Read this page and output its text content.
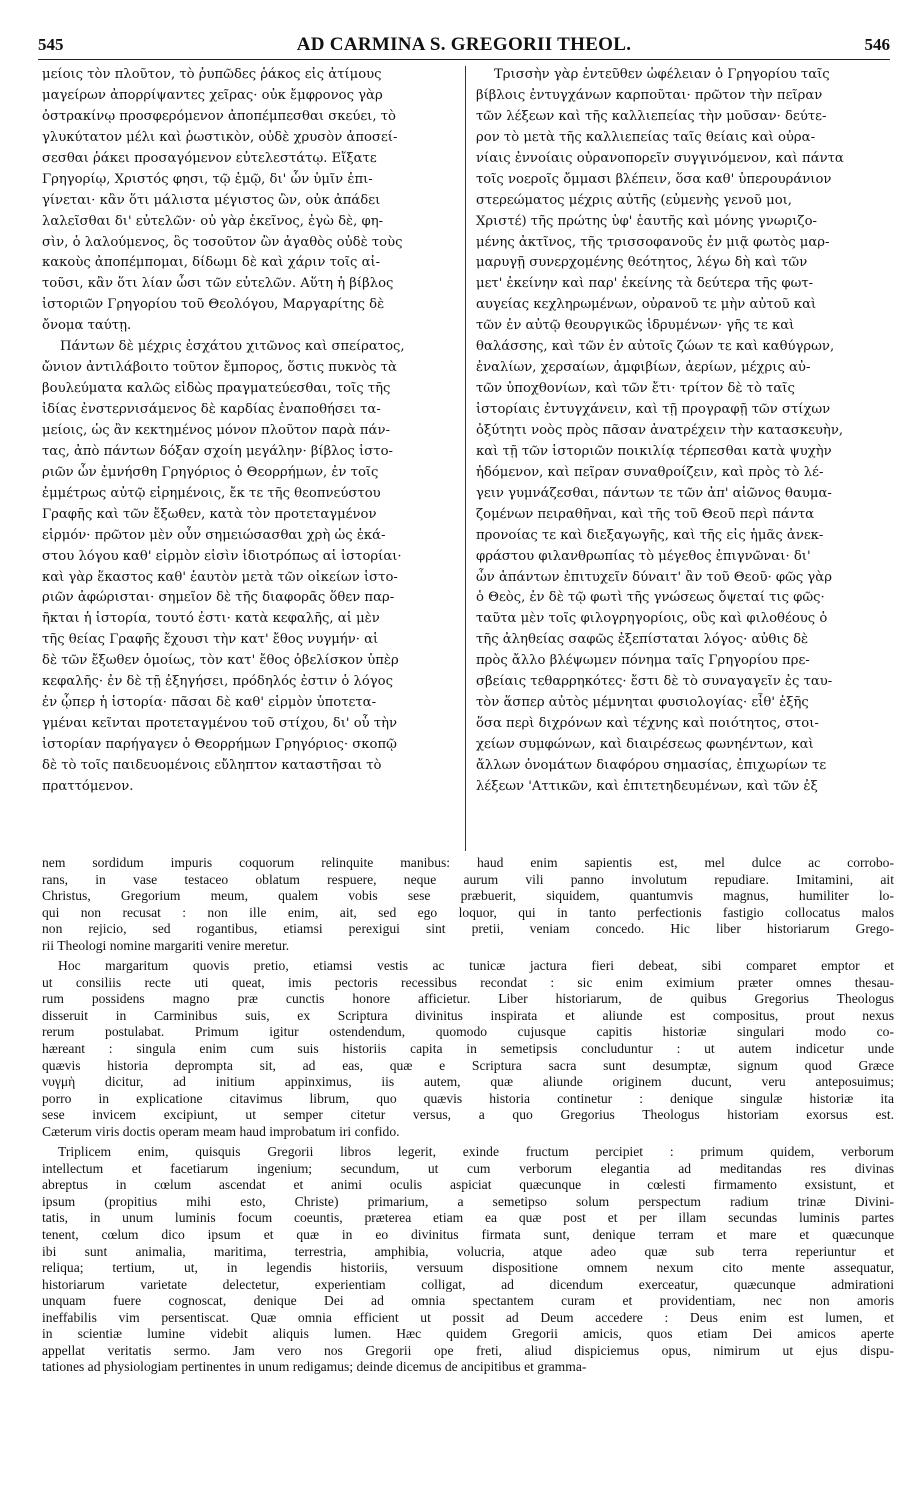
545	AD CARMINA S. GREGORII THEOL.	546
μείοις τὸν πλοῦτον, τὸ ῥυπῶδες ῥάκος εἰς ἀτίμους
μαγείρων ἀπορρίψαντες χεῖρας· οὐκ ἔμφρονος γὰρ
ὀστρακίνῳ προσφερόμενον ἀποπέμπεσθαι σκεύει, τὸ
γλυκύτατον μέλι καὶ ῥωστικὸν, οὐδὲ χρυσὸν ἀποσεί-
σεσθαι ῥάκει προσαγόμενον εὐτελεστάτῳ. Εἴξατε
Γρηγορίῳ, Χριστός φησι, τῷ ἐμῷ, δι' ὧν ὑμῖν ἐπι-
γίνεται· κἂν ὅτι μάλιστα μέγιστος ὢν, οὐκ ἀπάδει
λαλεῖσθαι δι' εὐτελῶν· οὐ γὰρ ἐκεῖνος, ἐγὼ δὲ, φη-
σὶν, ὁ λαλούμενος, ὃς τοσοῦτον ὢν ἀγαθὸς οὐδὲ τοὺς
κακοὺς ἀποπέμπομαι, δίδωμι δὲ καὶ χάριν τοῖς αἰ-
τοῦσι, κἂν ὅτι λίαν ὦσι τῶν εὐτελῶν. Αὕτη ἡ βίβλος
ἱστοριῶν Γρηγορίου τοῦ Θεολόγου, Μαργαρίτης δὲ
ὄνομα ταύτῃ.
Πάντων δὲ μέχρις ἐσχάτου χιτῶνος καὶ σπείρατος,
ὤνιον ἀντιλάβοιτο τοῦτον ἔμπορος, ὅστις πυκνὸς τὰ
βουλεύματα καλῶς εἰδὼς πραγματεύεσθαι, τοῖς τῆς
ἰδίας ἐνστερνισάμενος δὲ καρδίας ἐναποθήσει τα-
μείοις, ὡς ἂν κεκτημένος μόνον πλοῦτον παρὰ πάν-
τας, ἀπὸ πάντων δόξαν σχοίη μεγάλην· βίβλος ἱστο-
ριῶν ὧν ἐμνήσθη Γρηγόριος ὁ Θεορρήμων, ἐν τοῖς
ἐμμέτρως αὐτῷ εἰρημένοις, ἔκ τε τῆς θεοπνεύστου
Γραφῆς καὶ τῶν ἔξωθεν, κατὰ τὸν προτεταγμένον
εἱρμόν· πρῶτον μὲν οὖν σημειώσασθαι χρὴ ὡς ἑκά-
στου λόγου καθ' εἱρμὸν εἰσὶν ἰδιοτρόπως αἱ ἱστορίαι·
καὶ γὰρ ἕκαστος καθ' ἑαυτὸν μετὰ τῶν οἰκείων ἱστο-
ριῶν ἀφώρισται· σημεῖον δὲ τῆς διαφορᾶς ὅθεν παρ-
ῆκται ἡ ἱστορία, τουτό ἐστι· κατὰ κεφαλῆς, αἱ μὲν
τῆς θείας Γραφῆς ἔχουσι τὴν κατ' ἔθος νυγμήν· αἱ
δὲ τῶν ἔξωθεν ὁμοίως, τὸν κατ' ἔθος ὀβελίσκον ὑπὲρ
κεφαλῆς· ἐν δὲ τῇ ἐξηγήσει, πρόδηλός ἐστιν ὁ λόγος
ἐν ᾧπερ ἡ ἱστορία· πᾶσαι δὲ καθ' εἱρμὸν ὑποτετα-
γμέναι κεῖνται προτεταγμένου τοῦ στίχου, δι' οὗ τὴν
ἱστορίαν παρήγαγεν ὁ Θεορρήμων Γρηγόριος· σκοπῷ
δὲ τὸ τοῖς παιδευομένοις εὔληπτον καταστῆσαι τὸ
πραττόμενον.
Τρισσὴν γὰρ ἐντεῦθεν ὠφέλειαν ὁ Γρηγορίου ταῖς
βίβλοις ἐντυγχάνων καρποῦται· πρῶτον τὴν πεῖραν
τῶν λέξεων καὶ τῆς καλλιεπείας τὴν μοῦσαν· δεύτε-
ρον τὸ μετὰ τῆς καλλιεπείας ταῖς θείαις καὶ οὐρα-
νίαις ἐννοίαις οὐρανοπορεῖν συγγινόμενον, καὶ πάντα
τοῖς νοεροῖς ὄμμασι βλέπειν, ὅσα καθ' ὑπερουράνιον
στερεώματος μέχρις αὐτῆς (εὐμενὴς γενοῦ μοι,
Χριστέ) τῆς πρώτης ὑφ' ἑαυτῆς καὶ μόνης γνωριζο-
μένης ἀκτῖνος, τῆς τρισσοφανοῦς ἐν μιᾷ φωτὸς μαρ-
μαρυγῇ συνερχομένης θεότητος, λέγω δὴ καὶ τῶν
μετ' ἐκείνην καὶ παρ' ἐκείνης τὰ δεύτερα τῆς φωτ-
αυγείας κεχληρωμένων, οὐρανοῦ τε μὴν αὐτοῦ καὶ
τῶν ἐν αὐτῷ θεουργικῶς ἱδρυμένων· γῆς τε καὶ
θαλάσσης, καὶ τῶν ἐν αὐτοῖς ζώων τε καὶ καθύγρων,
ἐναλίων, χερσαίων, ἀμφιβίων, ἀερίων, μέχρις αὐ-
τῶν ὑποχθονίων, καὶ τῶν ἔτι· τρίτον δὲ τὸ ταῖς
ἱστορίαις ἐντυγχάνειν, καὶ τῇ προγραφῇ τῶν στίχων
ὀξύτητι νοὸς πρὸς πᾶσαν ἀνατρέχειν τὴν κατασκευὴν,
καὶ τῇ τῶν ἱστοριῶν ποικιλίᾳ τέρπεσθαι κατὰ ψυχὴν
ἡδόμενον, καὶ πεῖραν συναθροίζειν, καὶ πρὸς τὸ λέ-
γειν γυμνάζεσθαι, πάντων τε τῶν ἀπ' αἰῶνος θαυμα-
ζομένων πειραθῆναι, καὶ τῆς τοῦ Θεοῦ περὶ πάντα
προνοίας τε καὶ διεξαγωγῆς, καὶ τῆς εἰς ἡμᾶς ἀνεκ-
φράστου φιλανθρωπίας τὸ μέγεθος ἐπιγνῶναι· δι'
ὧν ἁπάντων ἐπιτυχεῖν δύναιτ' ἂν τοῦ Θεοῦ· φῶς γὰρ
ὁ Θεὸς, ἐν δὲ τῷ φωτὶ τῆς γνώσεως ὄψεταί τις φῶς·
ταῦτα μὲν τοῖς φιλογρηγορίοις, οὓς καὶ φιλοθέους ὁ
τῆς ἀληθείας σαφῶς ἐξεπίσταται λόγος· αὐθις δὲ
πρὸς ἄλλο βλέψωμεν πόνημα ταῖς Γρηγορίου πρε-
σβείαις τεθαρρηκότες· ἔστι δὲ τὸ συναγαγεῖν ἐς ταυ-
τὸν ἅσπερ αὐτὸς μέμνηται φυσιολογίας· εἶθ' ἑξῆς
ὅσα περὶ διχρόνων καὶ τέχνης καὶ ποιότητος, στοι-
χείων συμφώνων, καὶ διαιρέσεως φωνηέντων, καὶ
ἄλλων ὀνομάτων διαφόρου σημασίας, ἐπιχωρίων τε
λέξεων 'Αττικῶν, καὶ ἐπιτετηδευμένων, καὶ τῶν ἐξ
nem sordidum impuris coquorum relinquite manibus: haud enim sapientis est, mel dulce ac corrobo-
rans, in vase testaceo oblatum respuere, neque aurum vili panno involutum repudiare. Imitamini, ait
Christus, Gregorium meum, qualem vobis sese præbuerit, siquidem, quantumvis magnus, humiliter lo-
qui non recusat : non ille enim, ait, sed ego loquor, qui in tanto perfectionis fastigio collocatus malos
non rejicio, sed rogantibus, etiamsi perexigui sint pretii, veniam concedo. Hic liber historiarum Grego-
rii Theologi nomine margariti venire meretur.
Hoc margaritum quovis pretio, etiamsi vestis ac tunicæ jactura fieri debeat, sibi comparet emptor et
ut consiliis recte uti queat, imis pectoris recessibus recondat : sic enim eximium præter omnes thesau-
rum possidens magno præ cunctis honore afficietur. Liber historiarum, de quibus Gregorius Theologus
disseruit in Carminibus suis, ex Scriptura divinitus inspirata et aliunde est compositus, prout nexus
rerum postulabat. Primum igitur ostendendum, quomodo cujusque capitis historiæ singulari modo co-
hæreant : singula enim cum suis historiis capita in semetipsis concluduntur : ut autem indicetur unde
quævis historia deprompta sit, ad eas, quæ e Scriptura sacra sunt desumptæ, signum quod Græce
νυγμὴ dicitur, ad initium appinximus, iis autem, quæ aliunde originem ducunt, veru anteposuimus;
porro in explicatione citavimus librum, quo quævis historia continetur : denique singulæ historiæ ita
sese invicem excipiunt, ut semper citetur versus, a quo Gregorius Theologus historiam exorsus est.
Cæterum viris doctis operam meam haud improbatum iri confido.
Triplicem enim, quisquis Gregorii libros legerit, exinde fructum percipiet : primum quidem, verborum
intellectum et facetiarum ingenium; secundum, ut cum verborum elegantia ad meditandas res divinas
abreptus in cœlum ascendat et animi oculis aspiciat quæcunque in cœlesti firmamento exsistunt, et
ipsum (propitius mihi esto, Christe) primarium, a semetipso solum perspectum radium trinæ Divini-
tatis, in unum luminis focum coeuntis, præterea etiam ea quæ post et per illam secundas luminis partes
tenent, cœlum dico ipsum et quæ in eo divinitus firmata sunt, denique terram et mare et quæcunque
ibi sunt animalia, maritima, terrestria, amphibia, volucria, atque adeo quæ sub terra reperiuntur et
reliqua; tertium, ut, in legendis historiis, versuum dispositione omnem nexum cito mente assequatur,
historiarum varietate delectetur, experientiam colligat, ad dicendum exerceatur, quæcunque admirationi
unquam fuere cognoscat, denique Dei ad omnia spectantem curam et providentiam, nec non amoris
ineffabilis vim persentiscat. Quæ omnia efficient ut possit ad Deum accedere : Deus enim est lumen, et
in scientiæ lumine videbit aliquis lumen. Hæc quidem Gregorii amicis, quos etiam Dei amicos aperte
appellat veritatis sermo. Jam vero nos Gregorii ope freti, aliud dispiciemus opus, nimirum ut ejus dispu-
tationes ad physiologiam pertinentes in unum redigamus; deinde dicemus de ancipitibus et gramma-
